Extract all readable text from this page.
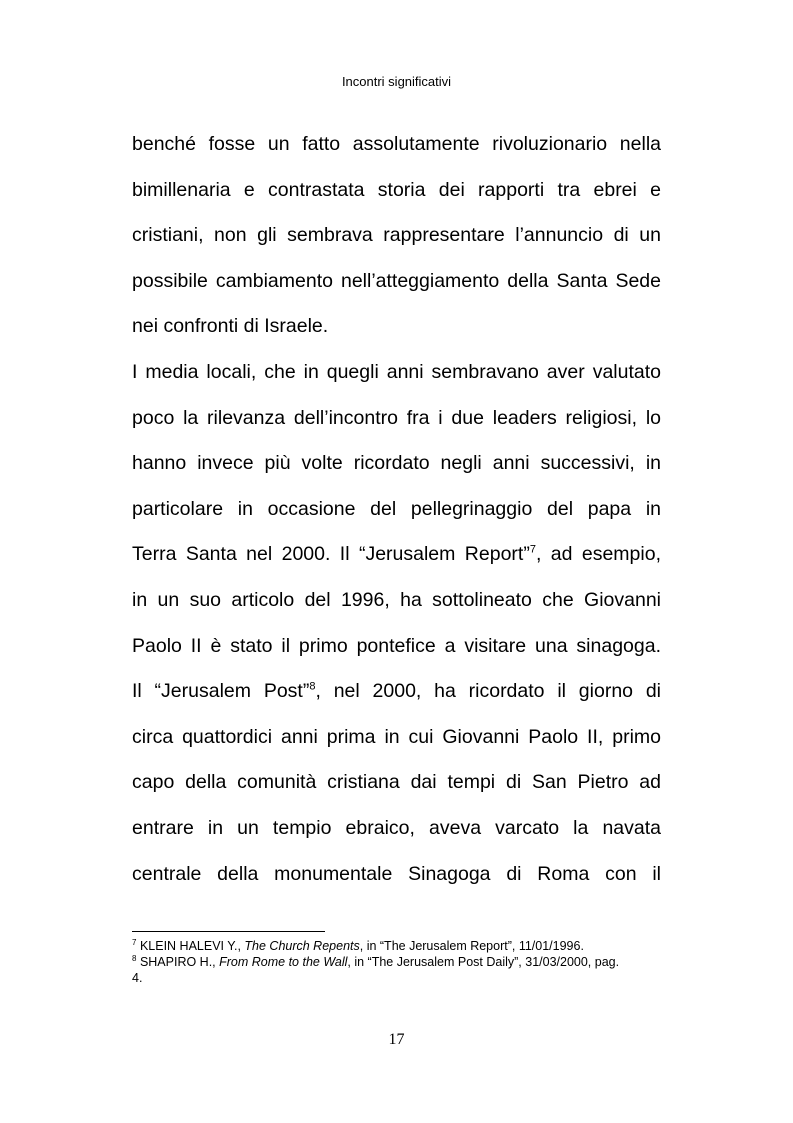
Incontri significativi
benché fosse un fatto assolutamente rivoluzionario nella
bimillenaria e contrastata storia dei rapporti tra ebrei e
cristiani, non gli sembrava rappresentare l’annuncio di un
possibile cambiamento nell’atteggiamento della Santa Sede
nei confronti di Israele.
I media locali, che in quegli anni sembravano aver valutato
poco la rilevanza dell’incontro fra i due leaders religiosi, lo
hanno invece più volte ricordato negli anni successivi, in
particolare in occasione del pellegrinaggio del papa in
Terra Santa nel 2000. Il “Jerusalem Report”$^7$, ad esempio,
in un suo articolo del 1996, ha sottolineato che Giovanni
Paolo II è stato il primo pontefice a visitare una sinagoga.
Il “Jerusalem Post”$^8$, nel 2000, ha ricordato il giorno di
circa quattordici anni prima in cui Giovanni Paolo II, primo
capo della comunità cristiana dai tempi di San Pietro ad
entrare in un tempio ebraico, aveva varcato la navata
centrale della monumentale Sinagoga di Roma con il

$^7$ KLEIN HALEVI Y., The Church Repents, in “The Jerusalem Report”, 11/01/1996.

$^8$ SHAPIRO H., From Rome to the Wall, in “The Jerusalem Post Daily”, 31/03/2000, pag.
4.

17
